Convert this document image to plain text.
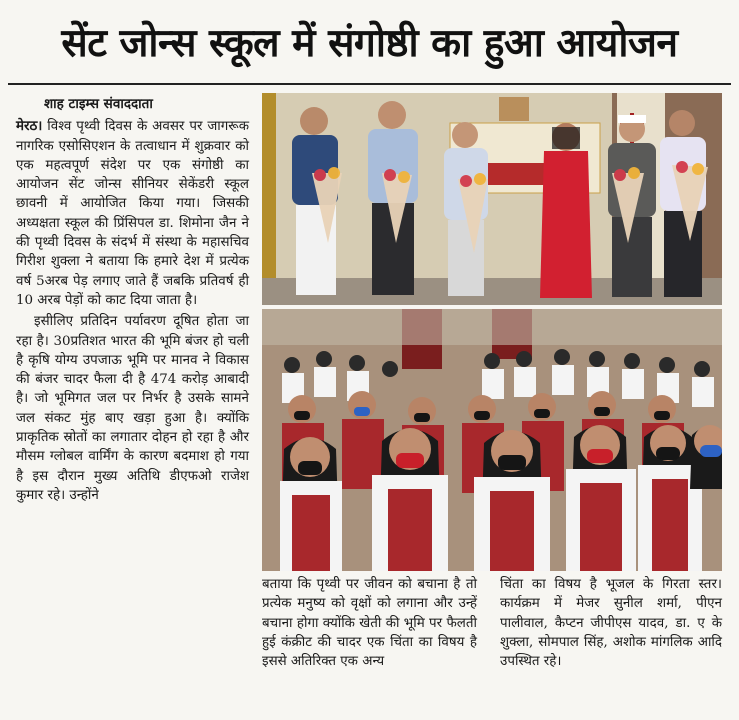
सेंट जोन्स स्कूल में संगोष्ठी का हुआ आयोजन
शाह टाइम्स संवाददाता

मेरठ। विश्व पृथ्वी दिवस के अवसर पर जागरूक नागरिक एसोसिएशन के तत्वाधान में शुक्रवार को एक महत्वपूर्ण संदेश पर एक संगोष्ठी का आयोजन सेंट जोन्स सीनियर सेकेंडरी स्कूल छावनी में आयोजित किया गया। जिसकी अध्यक्षता स्कूल की प्रिंसिपल डा. शिमोना जैन ने की पृथ्वी दिवस के संदर्भ में संस्था के महासचिव गिरीश शुक्ला ने बताया कि हमारे देश में प्रत्येक वर्ष 5अरब पेड़ लगाए जाते हैं जबकि प्रतिवर्ष ही 10 अरब पेड़ों को काट दिया जाता है।

इसीलिए प्रतिदिन पर्यावरण दूषित होता जा रहा है। 30प्रतिशत भारत की भूमि बंजर हो चली है कृषि योग्य उपजाऊ भूमि पर मानव ने विकास की बंजर चादर फैला दी है 474 करोड़ आबादी है। जो भूमिगत जल पर निर्भर है उसके सामने जल संकट मुंह बाए खड़ा हुआ है। क्योंकि प्राकृतिक स्रोतों का लगातार दोहन हो रहा है और मौसम ग्लोबल वार्मिंग के कारण बदमाश हो गया है इस दौरान मुख्य अतिथि डीएफओ राजेश कुमार रहे। उन्होंने

बताया कि पृथ्वी पर जीवन को बचाना है तो प्रत्येक मनुष्य को वृक्षों को लगाना और उन्हें बचाना होगा क्योंकि खेती की भूमि पर फैलती हुई कंक्रीट की चादर एक चिंता का विषय है इससे अतिरिक्त एक अन्य

चिंता का विषय है भूजल के गिरता स्तर। कार्यक्रम में मेजर सुनील शर्मा, पीएन पालीवाल, कैप्टन जीपीएस यादव, डा. ए के शुक्ला, सोमपाल सिंह, अशोक मांगलिक आदि उपस्थित रहे।
